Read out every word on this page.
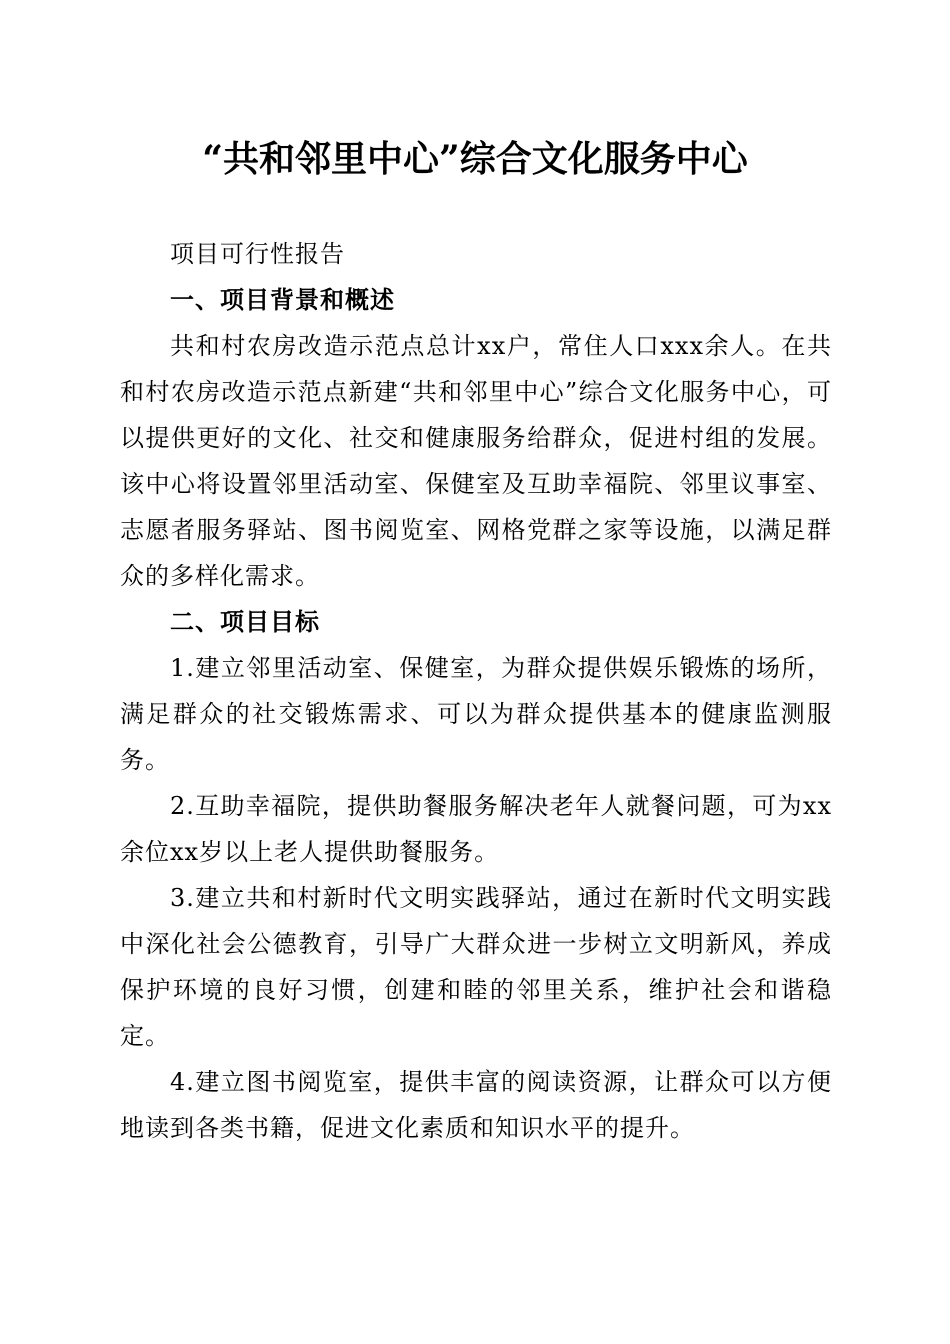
“共和邻里中心”综合文化服务中心

项目可行性报告

一、项目背景和概述

共和村农房改造示范点总计xx户，常住人口xxx余人。在共和村农房改造示范点新建“共和邻里中心”综合文化服务中心，可以提供更好的文化、社交和健康服务给群众，促进村组的发展。该中心将设置邻里活动室、保健室及互助幸福院、邻里议事室、志愿者服务驿站、图书阅览室、网格党群之家等设施，以满足群众的多样化需求。

二、项目目标

1.建立邻里活动室、保健室，为群众提供娱乐锻炼的场所，满足群众的社交锻炼需求、可以为群众提供基本的健康监测服务。

2.互助幸福院，提供助餐服务解决老年人就餐问题，可为xx余位xx岁以上老人提供助餐服务。

3.建立共和村新时代文明实践驿站，通过在新时代文明实践中深化社会公德教育，引导广大群众进一步树立文明新风，养成保护环境的良好习惯，创建和睦的邻里关系，维护社会和谐稳定。

4.建立图书阅览室，提供丰富的阅读资源，让群众可以方便地读到各类书籍，促进文化素质和知识水平的提升。
